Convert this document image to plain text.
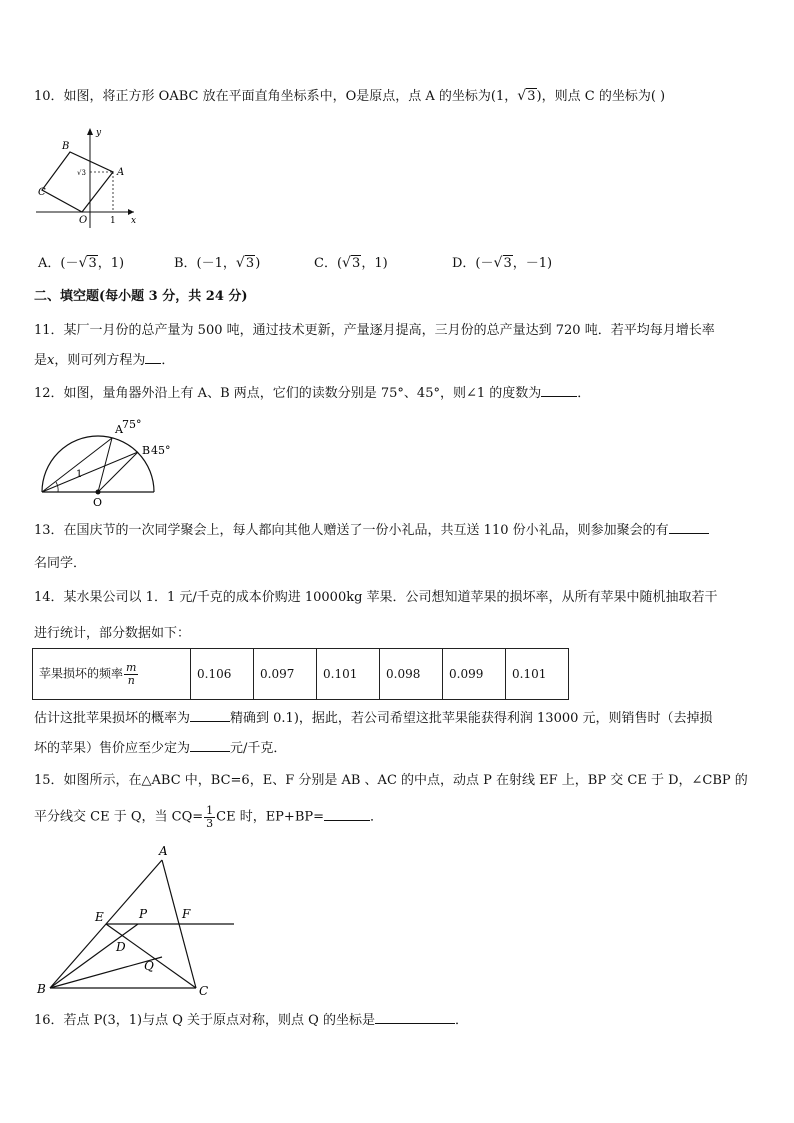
10．如图，将正方形 OABC 放在平面直角坐标系中，O是原点，点 A 的坐标为(1， √ 3)，则点 C 的坐标为( )
B
A
C
O	1 x
y
√3
A．(－ √ 3，1)	B．(－1， √ 3)	C．( √ 3，1)	D．(－ √ 3，－1)
二、填空题(每小题 3 分，共 24 分)
11．某厂一月份的总产量为 500 吨，通过技术更新，产量逐月提高，三月份的总产量达到 720 吨．若平均每月增长率
是x，则可列方程为 ．
12．如图，量角器外沿上有 A、B 两点，它们的读数分别是 75°、45°，则∠1 的度数为	．
A 75°
B 45°
1
O
13．在国庆节的一次同学聚会上，每人都向其他人赠送了一份小礼品，共互送 110 份小礼品，则参加聚会的有
名同学．
14．某水果公司以 1．1 元/千克的成本价购进 10000kg 苹果．公司想知道苹果的损坏率，从所有苹果中随机抽取若干
进行统计，部分数据如下：
苹果损坏的频率 $\frac{m}{n}$	0.106	0.097	0.101	0.098	0.099	0.101
估计这批苹果损坏的概率为	精确到 0.1)，据此，若公司希望这批苹果能获得利润 13000 元，则销售时（去掉损
坏的苹果）售价应至少定为	元/千克．
15．如图所示，在△ABC 中，BC=6，E、F 分别是 AB 、AC 的中点，动点 P 在射线 EF 上，BP 交 CE 于 D，∠CBP 的
平分线交 CE 于 Q，当 $CQ= \frac{1}{3}$ CE 时，EP+BP=	．
A
E	P	F
D
Q
B	C
16．若点 P(3，1)与点 Q 关于原点对称，则点 Q 的坐标是	．
